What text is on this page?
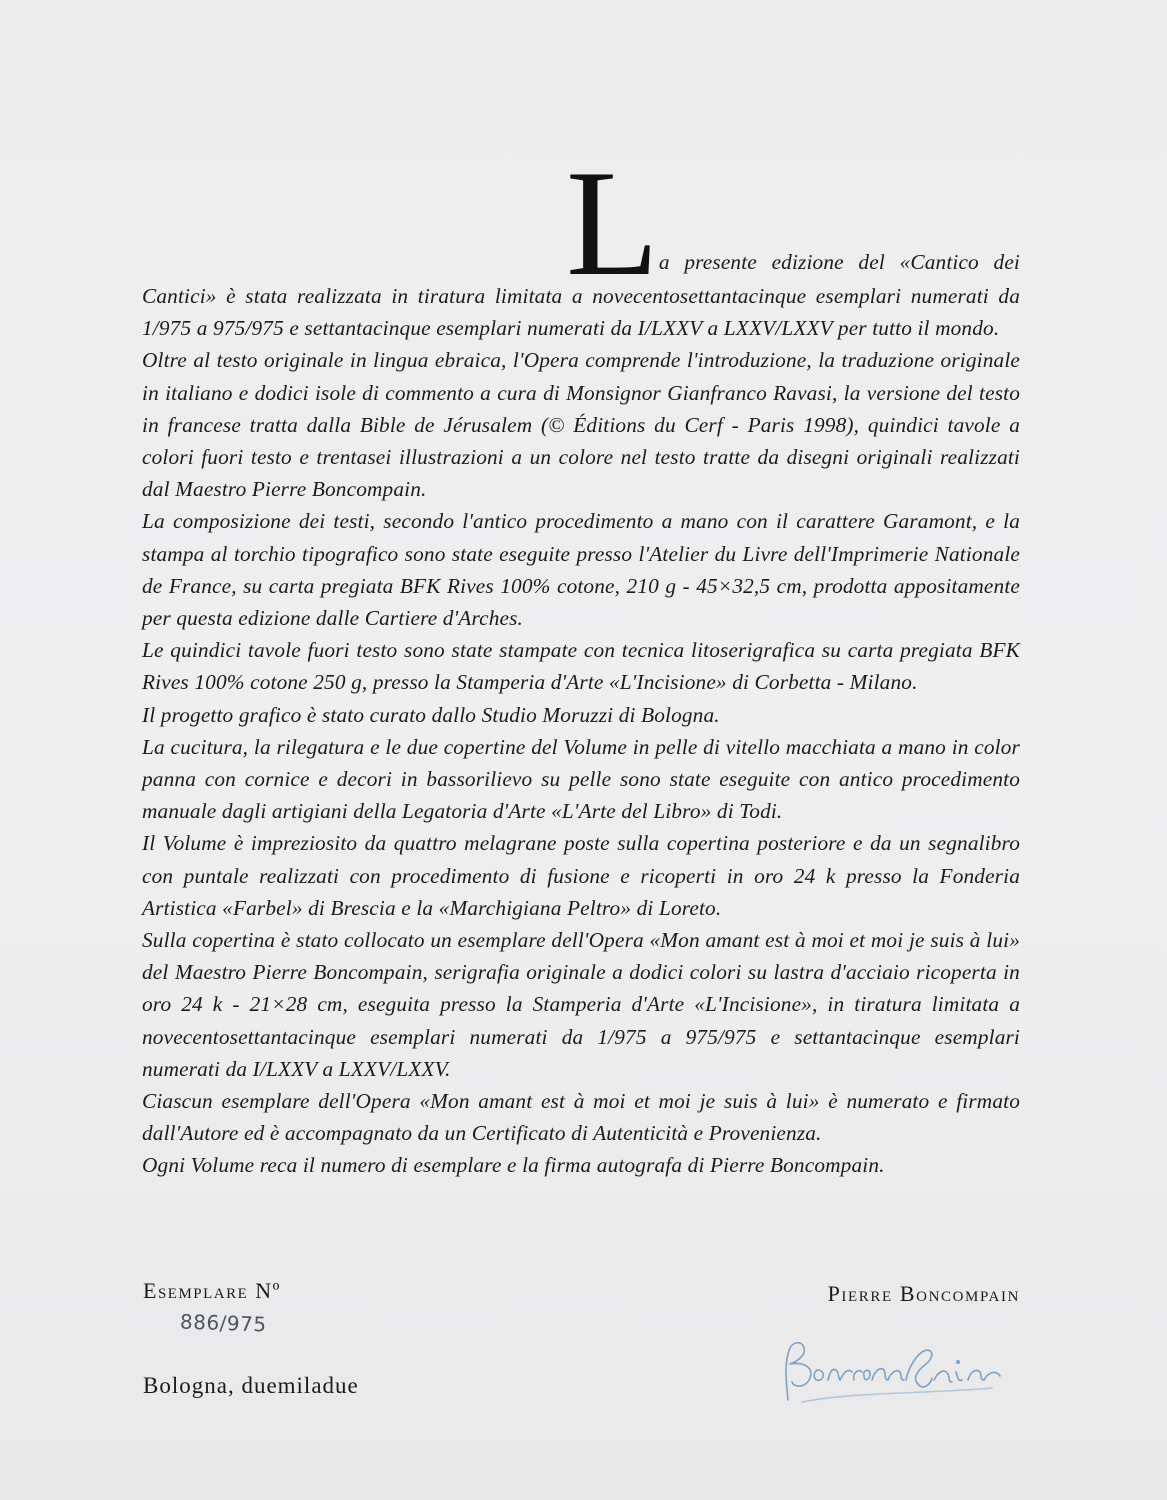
L a presente edizione del «Cantico dei

Cantici» è stata realizzata in tiratura limitata a novecentosettantacinque esemplari numerati da 1/975 a 975/975 e settantacinque esemplari numerati da I/LXXV a LXXV/LXXV per tutto il mondo.

Oltre al testo originale in lingua ebraica, l'Opera comprende l'introduzione, la traduzione originale in italiano e dodici isole di commento a cura di Monsignor Gianfranco Ravasi, la versione del testo in francese tratta dalla Bible de Jérusalem (© Éditions du Cerf - Paris 1998), quindici tavole a colori fuori testo e trentasei illustrazioni a un colore nel testo tratte da disegni originali realizzati dal Maestro Pierre Boncompain.

La composizione dei testi, secondo l'antico procedimento a mano con il carattere Garamont, e la stampa al torchio tipografico sono state eseguite presso l'Atelier du Livre dell'Imprimerie Nationale de France, su carta pregiata BFK Rives 100% cotone, 210 g - 45×32,5 cm, prodotta appositamente per questa edizione dalle Cartiere d'Arches.

Le quindici tavole fuori testo sono state stampate con tecnica litoserigrafica su carta pregiata BFK Rives 100% cotone 250 g, presso la Stamperia d'Arte «L'Incisione» di Corbetta - Milano.

Il progetto grafico è stato curato dallo Studio Moruzzi di Bologna.

La cucitura, la rilegatura e le due copertine del Volume in pelle di vitello macchiata a mano in color panna con cornice e decori in bassorilievo su pelle sono state eseguite con antico procedimento manuale dagli artigiani della Legatoria d'Arte «L'Arte del Libro» di Todi.

Il Volume è impreziosito da quattro melagrane poste sulla copertina posteriore e da un segnalibro con puntale realizzati con procedimento di fusione e ricoperti in oro 24 k presso la Fonderia Artistica «Farbel» di Brescia e la «Marchigiana Peltro» di Loreto.

Sulla copertina è stato collocato un esemplare dell'Opera «Mon amant est à moi et moi je suis à lui» del Maestro Pierre Boncompain, serigrafia originale a dodici colori su lastra d'acciaio ricoperta in oro 24 k - 21×28 cm, eseguita presso la Stamperia d'Arte «L'Incisione», in tiratura limitata a novecentosettantacinque esemplari numerati da 1/975 a 975/975 e settantacinque esemplari numerati da I/LXXV a LXXV/LXXV.

Ciascun esemplare dell'Opera «Mon amant est à moi et moi je suis à lui» è numerato e firmato dall'Autore ed è accompagnato da un Certificato di Autenticità e Provenienza.

Ogni Volume reca il numero di esemplare e la firma autografa di Pierre Boncompain.

Esemplare Nº

886/975

Bologna, duemiladue

Pierre Boncompain
